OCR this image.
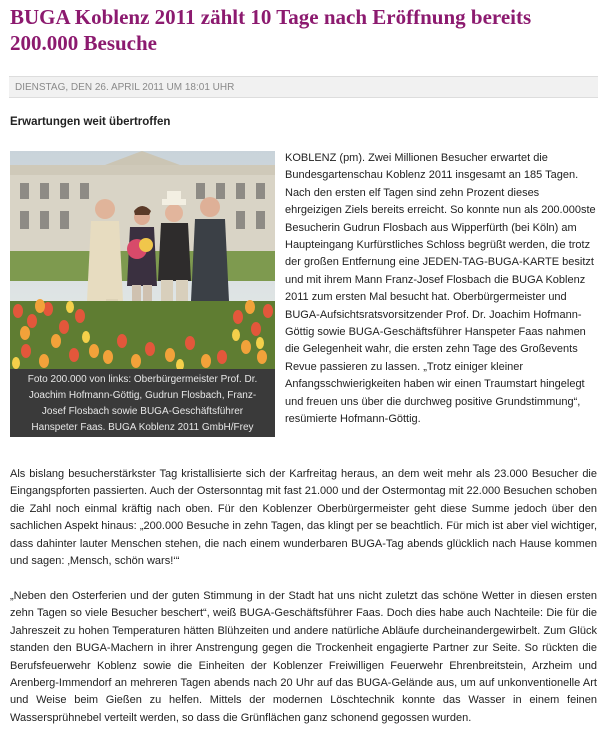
BUGA Koblenz 2011 zählt 10 Tage nach Eröffnung bereits 200.000 Besuche
DIENSTAG, DEN 26. APRIL 2011 UM 18:01 UHR
Erwartungen weit übertroffen
Foto 200.000 von links: Oberbürgermeister Prof. Dr. Joachim Hofmann-Göttig, Gudrun Flosbach, Franz-Josef Flosbach sowie BUGA-Geschäftsführer Hanspeter Faas. BUGA Koblenz 2011 GmbH/Frey
KOBLENZ (pm). Zwei Millionen Besucher erwartet die Bundesgartenschau Koblenz 2011 insgesamt an 185 Tagen. Nach den ersten elf Tagen sind zehn Prozent dieses ehrgeizigen Ziels bereits erreicht. So konnte nun als 200.000ste Besucherin Gudrun Flosbach aus Wipperfürth (bei Köln) am Haupteingang Kurfürstliches Schloss begrüßt werden, die trotz der großen Entfernung eine JEDEN-TAG-BUGA-KARTE besitzt und mit ihrem Mann Franz-Josef Flosbach die BUGA Koblenz 2011 zum ersten Mal besucht hat. Oberbürgermeister und BUGA-Aufsichtsratsvorsitzender Prof. Dr. Joachim Hofmann-Göttig sowie BUGA-Geschäftsführer Hanspeter Faas nahmen die Gelegenheit wahr, die ersten zehn Tage des Großevents Revue passieren zu lassen. „Trotz einiger kleiner Anfangsschwierigkeiten haben wir einen Traumstart hingelegt und freuen uns über die durchweg positive Grundstimmung“, resümierte Hofmann-Göttig.
Als bislang besucherstärkster Tag kristallisierte sich der Karfreitag heraus, an dem weit mehr als 23.000 Besucher die Eingangspforten passierten. Auch der Ostersonntag mit fast 21.000 und der Ostermontag mit 22.000 Besuchen schoben die Zahl noch einmal kräftig nach oben. Für den Koblenzer Oberbürgermeister geht diese Summe jedoch über den sachlichen Aspekt hinaus: „200.000 Besuche in zehn Tagen, das klingt per se beachtlich. Für mich ist aber viel wichtiger, dass dahinter lauter Menschen stehen, die nach einem wunderbaren BUGA-Tag abends glücklich nach Hause kommen und sagen: ‚Mensch, schön wars!‘“
„Neben den Osterferien und der guten Stimmung in der Stadt hat uns nicht zuletzt das schöne Wetter in diesen ersten zehn Tagen so viele Besucher beschert“, weiß BUGA-Geschäftsführer Faas. Doch dies habe auch Nachteile: Die für die Jahreszeit zu hohen Temperaturen hätten Blühzeiten und andere natürliche Abläufe durcheinandergewirbelt. Zum Glück standen den BUGA-Machern in ihrer Anstrengung gegen die Trockenheit engagierte Partner zur Seite. So rückten die Berufsfeuerwehr Koblenz sowie die Einheiten der Koblenzer Freiwilligen Feuerwehr Ehrenbreitstein, Arzheim und Arenberg-Immendorf an mehreren Tagen abends nach 20 Uhr auf das BUGA-Gelände aus, um auf unkonventionelle Art und Weise beim Gießen zu helfen. Mittels der modernen Löschtechnik konnte das Wasser in einem feinen Wassersprühnebel verteilt werden, so dass die Grünflächen ganz schonend gegossen wurden.
